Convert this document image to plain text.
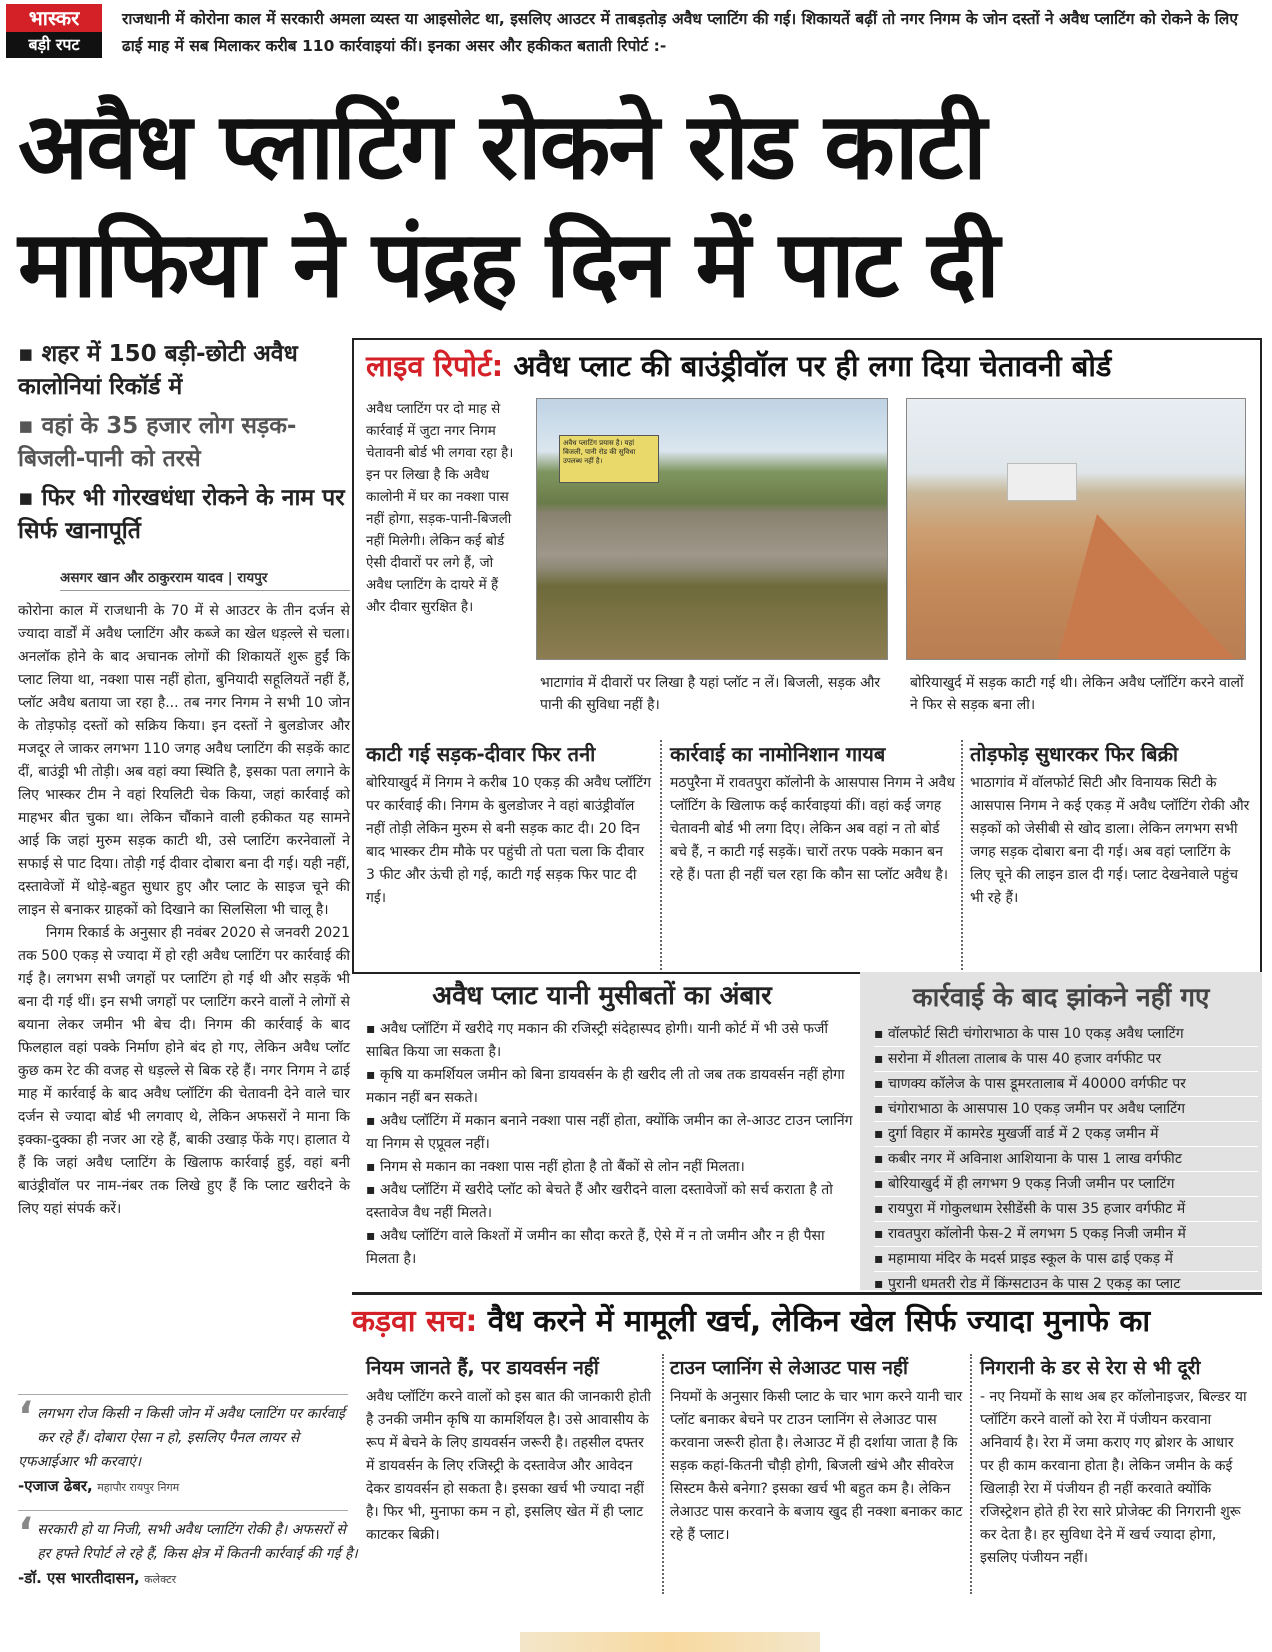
भास्कर
बड़ी रपट
राजधानी में कोरोना काल में सरकारी अमला व्यस्त या आइसोलेट था, इसलिए आउटर में ताबड़तोड़ अवैध प्लाटिंग की गई। शिकायतें बढ़ीं तो नगर निगम के जोन दस्तों ने अवैध प्लाटिंग को रोकने के लिए ढाई माह में सब मिलाकर करीब 110 कार्रवाइयां कीं। इनका असर और हकीकत बताती रिपोर्ट :-
अवैध प्लाटिंग रोकने रोड काटी
माफिया ने पंद्रह दिन में पाट दी
▪ शहर में 150 बड़ी-छोटी अवैध कालोनियां रिकॉर्ड में
▪ वहां के 35 हजार लोग सड़क-बिजली-पानी को तरसे
▪ फिर भी गोरखधंधा रोकने के नाम पर सिर्फ खानापूर्ति
असगर खान और ठाकुरराम यादव | रायपुर

कोरोना काल में राजधानी के 70 में से आउटर के तीन दर्जन से ज्यादा वार्डों में अवैध प्लाटिंग और कब्जे का खेल धड़ल्ले से चला। अनलॉक होने के बाद अचानक लोगों की शिकायतें शुरू हुईं कि प्लाट लिया था, नक्शा पास नहीं होता, बुनियादी सहूलियतें नहीं हैं, प्लॉट अवैध बताया जा रहा है... तब नगर निगम ने सभी 10 जोन के तोड़फोड़ दस्तों को सक्रिय किया। इन दस्तों ने बुलडोजर और मजदूर ले जाकर लगभग 110 जगह अवैध प्लाटिंग की सड़कें काट दीं, बाउंड्री भी तोड़ी। अब वहां क्या स्थिति है, इसका पता लगाने के लिए भास्कर टीम ने वहां रियलिटी चेक किया, जहां कार्रवाई को माहभर बीत चुका था। लेकिन चौंकाने वाली हकीकत यह सामने आई कि जहां मुरुम सड़क काटी थी, उसे प्लाटिंग करनेवालों ने सफाई से पाट दिया। तोड़ी गई दीवार दोबारा बना दी गई। यही नहीं, दस्तावेजों में थोड़े-बहुत सुधार हुए और प्लाट के साइज चूने की लाइन से बनाकर ग्राहकों को दिखाने का सिलसिला भी चालू है।

निगम रिकार्ड के अनुसार ही नवंबर 2020 से जनवरी 2021 तक 500 एकड़ से ज्यादा में हो रही अवैध प्लाटिंग पर कार्रवाई की गई है। लगभग सभी जगहों पर प्लाटिंग हो गई थी और सड़कें भी बना दी गई थीं। इन सभी जगहों पर प्लाटिंग करने वालों ने लोगों से बयाना लेकर जमीन भी बेच दी। निगम की कार्रवाई के बाद फिलहाल वहां पक्के निर्माण होने बंद हो गए, लेकिन अवैध प्लॉट कुछ कम रेट की वजह से धड़ल्ले से बिक रहे हैं। नगर निगम ने ढाई माह में कार्रवाई के बाद अवैध प्लॉटिंग की चेतावनी देने वाले चार दर्जन से ज्यादा बोर्ड भी लगवाए थे, लेकिन अफसरों ने माना कि इक्का-दुक्का ही नजर आ रहे हैं, बाकी उखाड़ फेंके गए। हालात ये हैं कि जहां अवैध प्लाटिंग के खिलाफ कार्रवाई हुई, वहां बनी बाउंड्रीवॉल पर नाम-नंबर तक लिखे हुए हैं कि प्लाट खरीदने के लिए यहां संपर्क करें।

‘ लगभग रोज किसी न किसी जोन में अवैध प्लाटिंग पर कार्रवाई कर रहे हैं। दोबारा ऐसा न हो, इसलिए पैनल लायर से एफआईआर भी करवाएं।
-एजाज ढेबर, महापौर रायपुर निगम
‘ सरकारी हो या निजी, सभी अवैध प्लाटिंग रोकी है। अफसरों से हर हफ्ते रिपोर्ट ले रहे हैं, किस क्षेत्र में कितनी कार्रवाई की गई है।
-डॉ. एस भारतीदासन, कलेक्टर
लाइव रिपोर्ट: अवैध प्लाट की बाउंड्रीवॉल पर ही लगा दिया चेतावनी बोर्ड
अवैध प्लाटिंग पर दो माह से कार्रवाई में जुटा नगर निगम चेतावनी बोर्ड भी लगवा रहा है। इन पर लिखा है कि अवैध कालोनी में घर का नक्शा पास नहीं होगा, सड़क-पानी-बिजली नहीं मिलेगी। लेकिन कई बोर्ड ऐसी दीवारों पर लगे हैं, जो अवैध प्लाटिंग के दायरे में हैं और दीवार सुरक्षित है।
अवैध प्लाटिंग प्रयास है। यहां बिजली, पानी रोड की सुविधा उपलब्ध नहीं है।
भाटागांव में दीवारों पर लिखा है यहां प्लॉट न लें। बिजली, सड़क और पानी की सुविधा नहीं है।
बोरियाखुर्द में सड़क काटी गई थी। लेकिन अवैध प्लॉटिंग करने वालों ने फिर से सड़क बना ली।
काटी गई सड़क-दीवार फिर तनी	कार्रवाई का नामोनिशान गायब	तोड़फोड़ सुधारकर फिर बिक्री
बोरियाखुर्द में निगम ने करीब 10 एकड़ की अवैध प्लॉटिंग पर कार्रवाई की। निगम के बुलडोजर ने वहां बाउंड्रीवॉल नहीं तोड़ी लेकिन मुरुम से बनी सड़क काट दी। 20 दिन बाद भास्कर टीम मौके पर पहुंची तो पता चला कि दीवार 3 फीट और ऊंची हो गई, काटी गई सड़क फिर पाट दी गई।
मठपुरैना में रावतपुरा कॉलोनी के आसपास निगम ने अवैध प्लॉटिंग के खिलाफ कई कार्रवाइयां कीं। वहां कई जगह चेतावनी बोर्ड भी लगा दिए। लेकिन अब वहां न तो बोर्ड बचे हैं, न काटी गई सड़कें। चारों तरफ पक्के मकान बन रहे हैं। पता ही नहीं चल रहा कि कौन सा प्लॉट अवैध है।
भाठागांव में वॉलफोर्ट सिटी और विनायक सिटी के आसपास निगम ने कई एकड़ में अवैध प्लॉटिंग रोकी और सड़कों को जेसीबी से खोद डाला। लेकिन लगभग सभी जगह सड़क दोबारा बना दी गई। अब वहां प्लाटिंग के लिए चूने की लाइन डाल दी गई। प्लाट देखनेवाले पहुंच भी रहे हैं।
अवैध प्लाट यानी मुसीबतों का अंबार
▪ अवैध प्लॉटिंग में खरीदे गए मकान की रजिस्ट्री संदेहास्पद होगी। यानी कोर्ट में भी उसे फर्जी साबित किया जा सकता है।
▪ कृषि या कमर्शियल जमीन को बिना डायवर्सन के ही खरीद ली तो जब तक डायवर्सन नहीं होगा मकान नहीं बन सकते।
▪ अवैध प्लॉटिंग में मकान बनाने नक्शा पास नहीं होता, क्योंकि जमीन का ले-आउट टाउन प्लानिंग या निगम से एप्रूवल नहीं।
▪ निगम से मकान का नक्शा पास नहीं होता है तो बैंकों से लोन नहीं मिलता।
▪ अवैध प्लॉटिंग में खरीदे प्लॉट को बेचते हैं और खरीदने वाला दस्तावेजों को सर्च कराता है तो दस्तावेज वैध नहीं मिलते।
▪ अवैध प्लॉटिंग वाले किश्तों में जमीन का सौदा करते हैं, ऐसे में न तो जमीन और न ही पैसा मिलता है।
कार्रवाई के बाद झांकने नहीं गए
▪ वॉलफोर्ट सिटी चंगोराभाठा के पास 10 एकड़ अवैध प्लाटिंग
▪ सरोना में शीतला तालाब के पास 40 हजार वर्गफीट पर
▪ चाणक्य कॉलेज के पास डूमरतालाब में 40000 वर्गफीट पर
▪ चंगोराभाठा के आसपास 10 एकड़ जमीन पर अवैध प्लाटिंग
▪ दुर्गा विहार में कामरेड मुखर्जी वार्ड में 2 एकड़ जमीन में
▪ कबीर नगर में अविनाश आशियाना के पास 1 लाख वर्गफीट
▪ बोरियाखुर्द में ही लगभग 9 एकड़ निजी जमीन पर प्लाटिंग
▪ रायपुरा में गोकुलधाम रेसीडेंसी के पास 35 हजार वर्गफीट में
▪ रावतपुरा कॉलोनी फेस-2 में लगभग 5 एकड़ निजी जमीन में
▪ महामाया मंदिर के मदर्स प्राइड स्कूल के पास ढाई एकड़ में
▪ पुरानी धमतरी रोड में किंग्सटाउन के पास 2 एकड़ का प्लाट
कड़वा सच: वैध करने में मामूली खर्च, लेकिन खेल सिर्फ ज्यादा मुनाफे का
नियम जानते हैं, पर डायवर्सन नहीं	टाउन प्लानिंग से लेआउट पास नहीं	निगरानी के डर से रेरा से भी दूरी
अवैध प्लॉटिंग करने वालों को इस बात की जानकारी होती है उनकी जमीन कृषि या कामर्शियल है। उसे आवासीय के रूप में बेचने के लिए डायवर्सन जरूरी है। तहसील दफ्तर में डायवर्सन के लिए रजिस्ट्री के दस्तावेज और आवेदन देकर डायवर्सन हो सकता है। इसका खर्च भी ज्यादा नहीं है। फिर भी, मुनाफा कम न हो, इसलिए खेत में ही प्लाट काटकर बिक्री।
नियमों के अनुसार किसी प्लाट के चार भाग करने यानी चार प्लॉट बनाकर बेचने पर टाउन प्लानिंग से लेआउट पास करवाना जरूरी होता है। लेआउट में ही दर्शाया जाता है कि सड़क कहां-कितनी चौड़ी होगी, बिजली खंभे और सीवरेज सिस्टम कैसे बनेगा? इसका खर्च भी बहुत कम है। लेकिन लेआउट पास करवाने के बजाय खुद ही नक्शा बनाकर काट रहे हैं प्लाट।
- नए नियमों के साथ अब हर कॉलोनाइजर, बिल्डर या प्लॉटिंग करने वालों को रेरा में पंजीयन करवाना अनिवार्य है। रेरा में जमा कराए गए ब्रोशर के आधार पर ही काम करवाना होता है। लेकिन जमीन के कई खिलाड़ी रेरा में पंजीयन ही नहीं करवाते क्योंकि रजिस्ट्रेशन होते ही रेरा सारे प्रोजेक्ट की निगरानी शुरू कर देता है। हर सुविधा देने में खर्च ज्यादा होगा, इसलिए पंजीयन नहीं।
